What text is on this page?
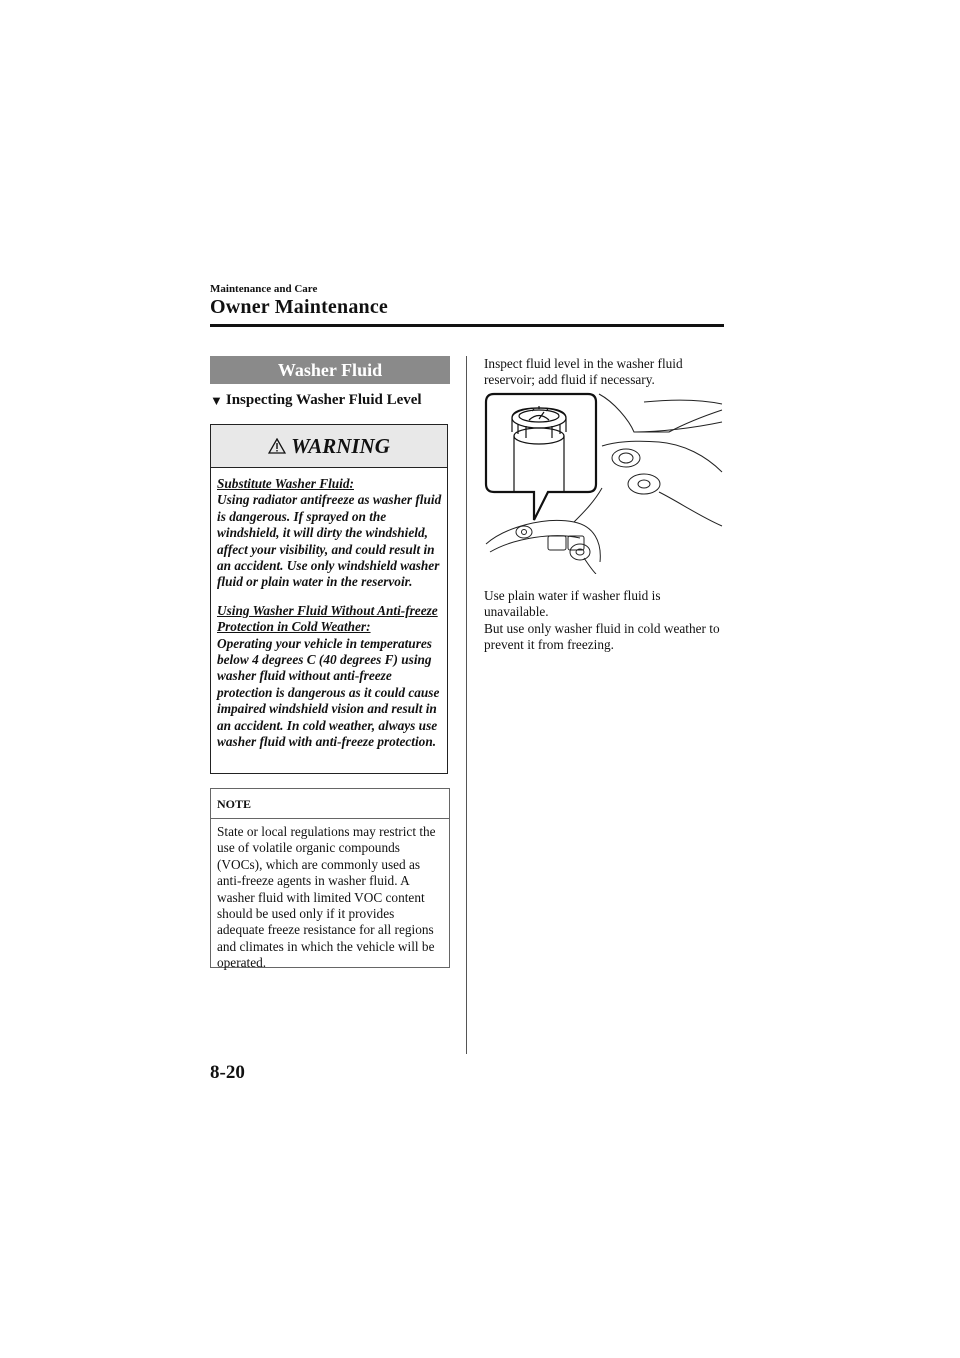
Maintenance and Care
Owner Maintenance
Washer Fluid
▼ Inspecting Washer Fluid Level
WARNING

Substitute Washer Fluid:
Using radiator antifreeze as washer fluid is dangerous. If sprayed on the windshield, it will dirty the windshield, affect your visibility, and could result in an accident. Use only windshield washer fluid or plain water in the reservoir.

Using Washer Fluid Without Anti-freeze Protection in Cold Weather:
Operating your vehicle in temperatures below 4 degrees C (40 degrees F) using washer fluid without anti-freeze protection is dangerous as it could cause impaired windshield vision and result in an accident. In cold weather, always use washer fluid with anti-freeze protection.

NOTE
State or local regulations may restrict the use of volatile organic compounds (VOCs), which are commonly used as anti-freeze agents in washer fluid. A washer fluid with limited VOC content should be used only if it provides adequate freeze resistance for all regions and climates in which the vehicle will be operated.
Inspect fluid level in the washer fluid reservoir; add fluid if necessary.
Use plain water if washer fluid is unavailable.
But use only washer fluid in cold weather to prevent it from freezing.
8-20
